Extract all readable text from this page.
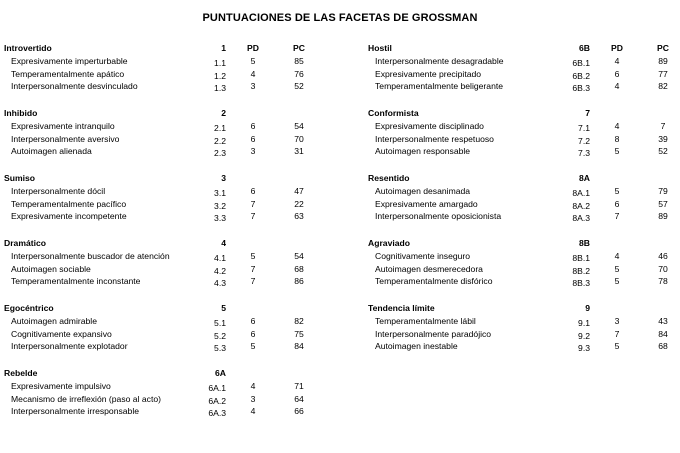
PUNTUACIONES DE LAS FACETAS DE GROSSMAN
Introvertido	1	PD	PC
Expresivamente imperturbable	1.1	5	85
Temperamentalmente apático	1.2	4	76
Interpersonalmente desvinculado	1.3	3	52
Inhibido	2
Expresivamente intranquilo	2.1	6	54
Interpersonalmente aversivo	2.2	6	70
Autoimagen alienada	2.3	3	31
Sumiso	3
Interpersonalmente dócil	3.1	6	47
Temperamentalmente pacífico	3.2	7	22
Expresivamente incompetente	3.3	7	63
Dramático	4
Interpersonalmente buscador de atención	4.1	5	54
Autoimagen sociable	4.2	7	68
Temperamentalmente inconstante	4.3	7	86
Egocéntrico	5
Autoimagen admirable	5.1	6	82
Cognitivamente expansivo	5.2	6	75
Interpersonalmente explotador	5.3	5	84
Rebelde	6A
Expresivamente impulsivo	6A.1	4	71
Mecanismo de irreflexión (paso al acto)	6A.2	3	64
Interpersonalmente irresponsable	6A.3	4	66
Hostil	6B	PD	PC
Interpersonalmente desagradable	6B.1	4	89
Expresivamente precipitado	6B.2	6	77
Temperamentalmente beligerante	6B.3	4	82
Conformista	7
Expresivamente disciplinado	7.1	4	7
Interpersonalmente respetuoso	7.2	8	39
Autoimagen responsable	7.3	5	52
Resentido	8A
Autoimagen desanimada	8A.1	5	79
Expresivamente amargado	8A.2	6	57
Interpersonalmente oposicionista	8A.3	7	89
Agraviado	8B
Cognitivamente inseguro	8B.1	4	46
Autoimagen desmerecedora	8B.2	5	70
Temperamentalmente disfórico	8B.3	5	78
Tendencia límite	9
Temperamentalmente lábil	9.1	3	43
Interpersonalmente paradójico	9.2	7	84
Autoimagen inestable	9.3	5	68
